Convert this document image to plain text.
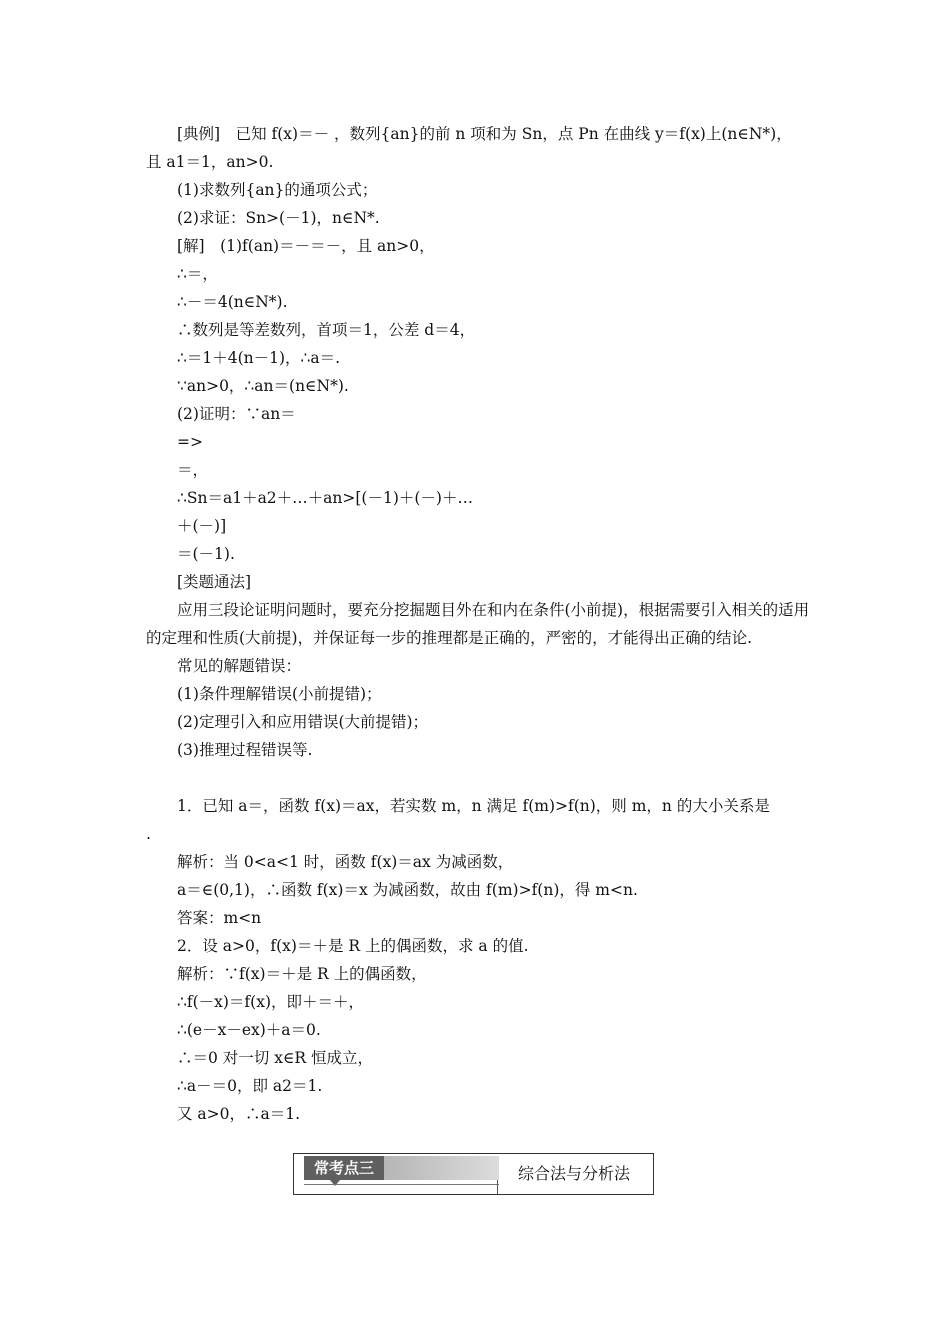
[典例]　已知 f(x)＝－ ，数列{an}的前 n 项和为 Sn，点 Pn 在曲线 y＝f(x)上(n∈N*)，
且 a1＝1，an>0.
(1)求数列{an}的通项公式；
(2)求证：Sn>(－1)，n∈N*.
[解]　(1)f(an)＝－＝－，且 an>0，
∴＝，
∴－＝4(n∈N*).
∴数列是等差数列，首项＝1，公差 d＝4，
∴＝1＋4(n－1)，∴a＝.
∵an>0，∴an＝(n∈N*).
(2)证明：∵an＝
=>
＝，
∴Sn＝a1＋a2＋…＋an>[(－1)＋(－)＋…
＋(－)]
＝(－1).
[类题通法]
应用三段论证明问题时，要充分挖掘题目外在和内在条件(小前提)，根据需要引入相关的适用的定理和性质(大前提)，并保证每一步的推理都是正确的，严密的，才能得出正确的结论.
常见的解题错误：
(1)条件理解错误(小前提错)；
(2)定理引入和应用错误(大前提错)；
(3)推理过程错误等.
1．已知 a＝，函数 f(x)＝ax，若实数 m，n 满足 f(m)>f(n)，则 m，n 的大小关系是
.
解析：当 0<a<1 时，函数 f(x)＝ax 为减函数，
a＝∈(0,1)，∴函数 f(x)＝x 为减函数，故由 f(m)>f(n)，得 m<n.
答案：m<n
2．设 a>0，f(x)＝＋是 R 上的偶函数，求 a 的值.
解析：∵f(x)＝＋是 R 上的偶函数，
∴f(－x)＝f(x)，即＋＝＋，
∴(e－x－ex)＋a＝0.
∴＝0 对一切 x∈R 恒成立，
∴a－＝0，即 a2＝1.
又 a>0，∴a＝1.
常考点三	综合法与分析法
